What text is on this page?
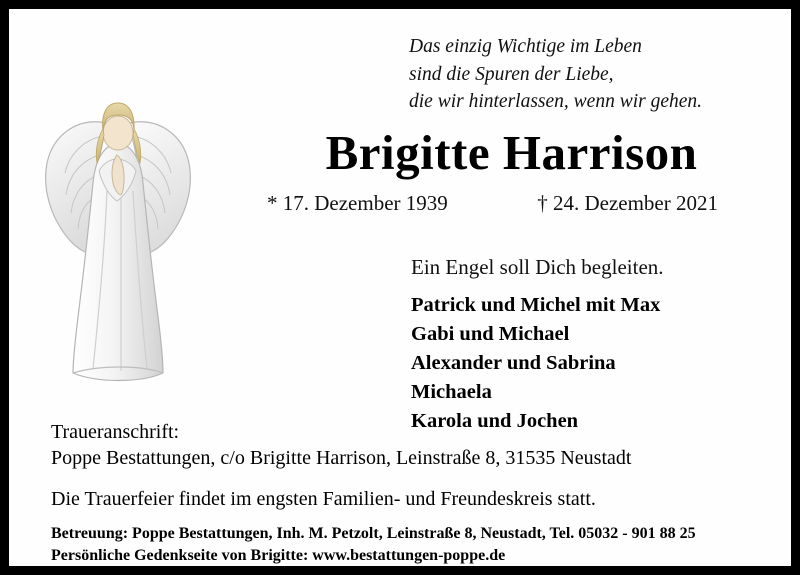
Das einzig Wichtige im Leben
sind die Spuren der Liebe,
die wir hinterlassen, wenn wir gehen.
Brigitte Harrison
* 17. Dezember 1939	† 24. Dezember 2021
Ein Engel soll Dich begleiten.
Patrick und Michel mit Max
Gabi und Michael
Alexander und Sabrina
Michaela
Karola und Jochen
Traueranschrift:
Poppe Bestattungen, c/o Brigitte Harrison, Leinstraße 8, 31535 Neustadt
Die Trauerfeier findet im engsten Familien- und Freundeskreis statt.
Betreuung: Poppe Bestattungen, Inh. M. Petzolt, Leinstraße 8, Neustadt, Tel. 05032 - 901 88 25
Persönliche Gedenkseite von Brigitte: www.bestattungen-poppe.de
